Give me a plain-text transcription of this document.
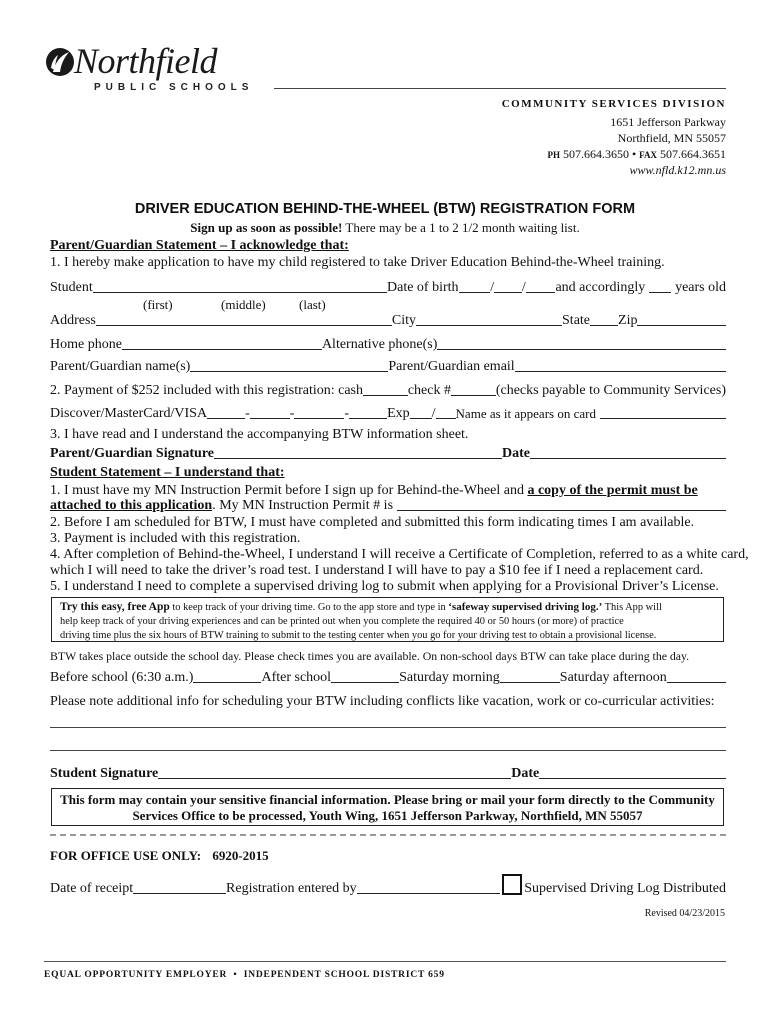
Northfield
PUBLIC SCHOOLS
COMMUNITY SERVICES DIVISION
1651 Jefferson Parkway
Northfield, MN 55057
PH 507.664.3650 • FAX 507.664.3651
www.nfld.k12.mn.us
DRIVER EDUCATION BEHIND-THE-WHEEL (BTW) REGISTRATION FORM
Sign up as soon as possible! There may be a 1 to 2 1/2 month waiting list.
Parent/Guardian Statement – I acknowledge that:
1. I hereby make application to have my child registered to take Driver Education Behind-the-Wheel training.
Student	Date of birth / / and accordingly years old
(first)	(middle)	(last)
Address	City	State Zip
Home phone	Alternative phone(s)
Parent/Guardian name(s)	Parent/Guardian email
2. Payment of $252 included with this registration: cash	check #	(checks payable to Community Services)
Discover/MasterCard/VISA	-	-	-	Exp / Name as it appears on card
3. I have read and I understand the accompanying BTW information sheet.
Parent/Guardian Signature	Date
Student Statement – I understand that:
1. I must have my MN Instruction Permit before I sign up for Behind-the-Wheel and a copy of the permit must be
attached to this application . My MN Instruction Permit # is
2. Before I am scheduled for BTW, I must have completed and submitted this form indicating times I am available.
3. Payment is included with this registration.
4. After completion of Behind-the-Wheel, I understand I will receive a Certificate of Completion, referred to as a white card,
which I will need to take the driver’s road test. I understand I will have to pay a $10 fee if I need a replacement card.
5. I understand I need to complete a supervised driving log to submit when applying for a Provisional Driver’s License.
Try this easy, free App to keep track of your driving time. Go to the app store and type in ‘safeway supervised driving log.’ This App will
help keep track of your driving experiences and can be printed out when you complete the required 40 or 50 hours (or more) of practice
driving time plus the six hours of BTW training to submit to the testing center when you go for your driving test to obtain a provisional license.
BTW takes place outside the school day. Please check times you are available. On non-school days BTW can take place during the day.
Before school (6:30 a.m.)	After school	Saturday morning	Saturday afternoon
Please note additional info for scheduling your BTW including conflicts like vacation, work or co-curricular activities:
Student Signature	Date
This form may contain your sensitive financial information. Please bring or mail your form directly to the Community
Services Office to be processed, Youth Wing, 1651 Jefferson Parkway, Northfield, MN 55057
FOR OFFICE USE ONLY: 6920-2015
Date of receipt	Registration entered by	Supervised Driving Log Distributed
Revised 04/23/2015
EQUAL OPPORTUNITY EMPLOYER • INDEPENDENT SCHOOL DISTRICT 659
